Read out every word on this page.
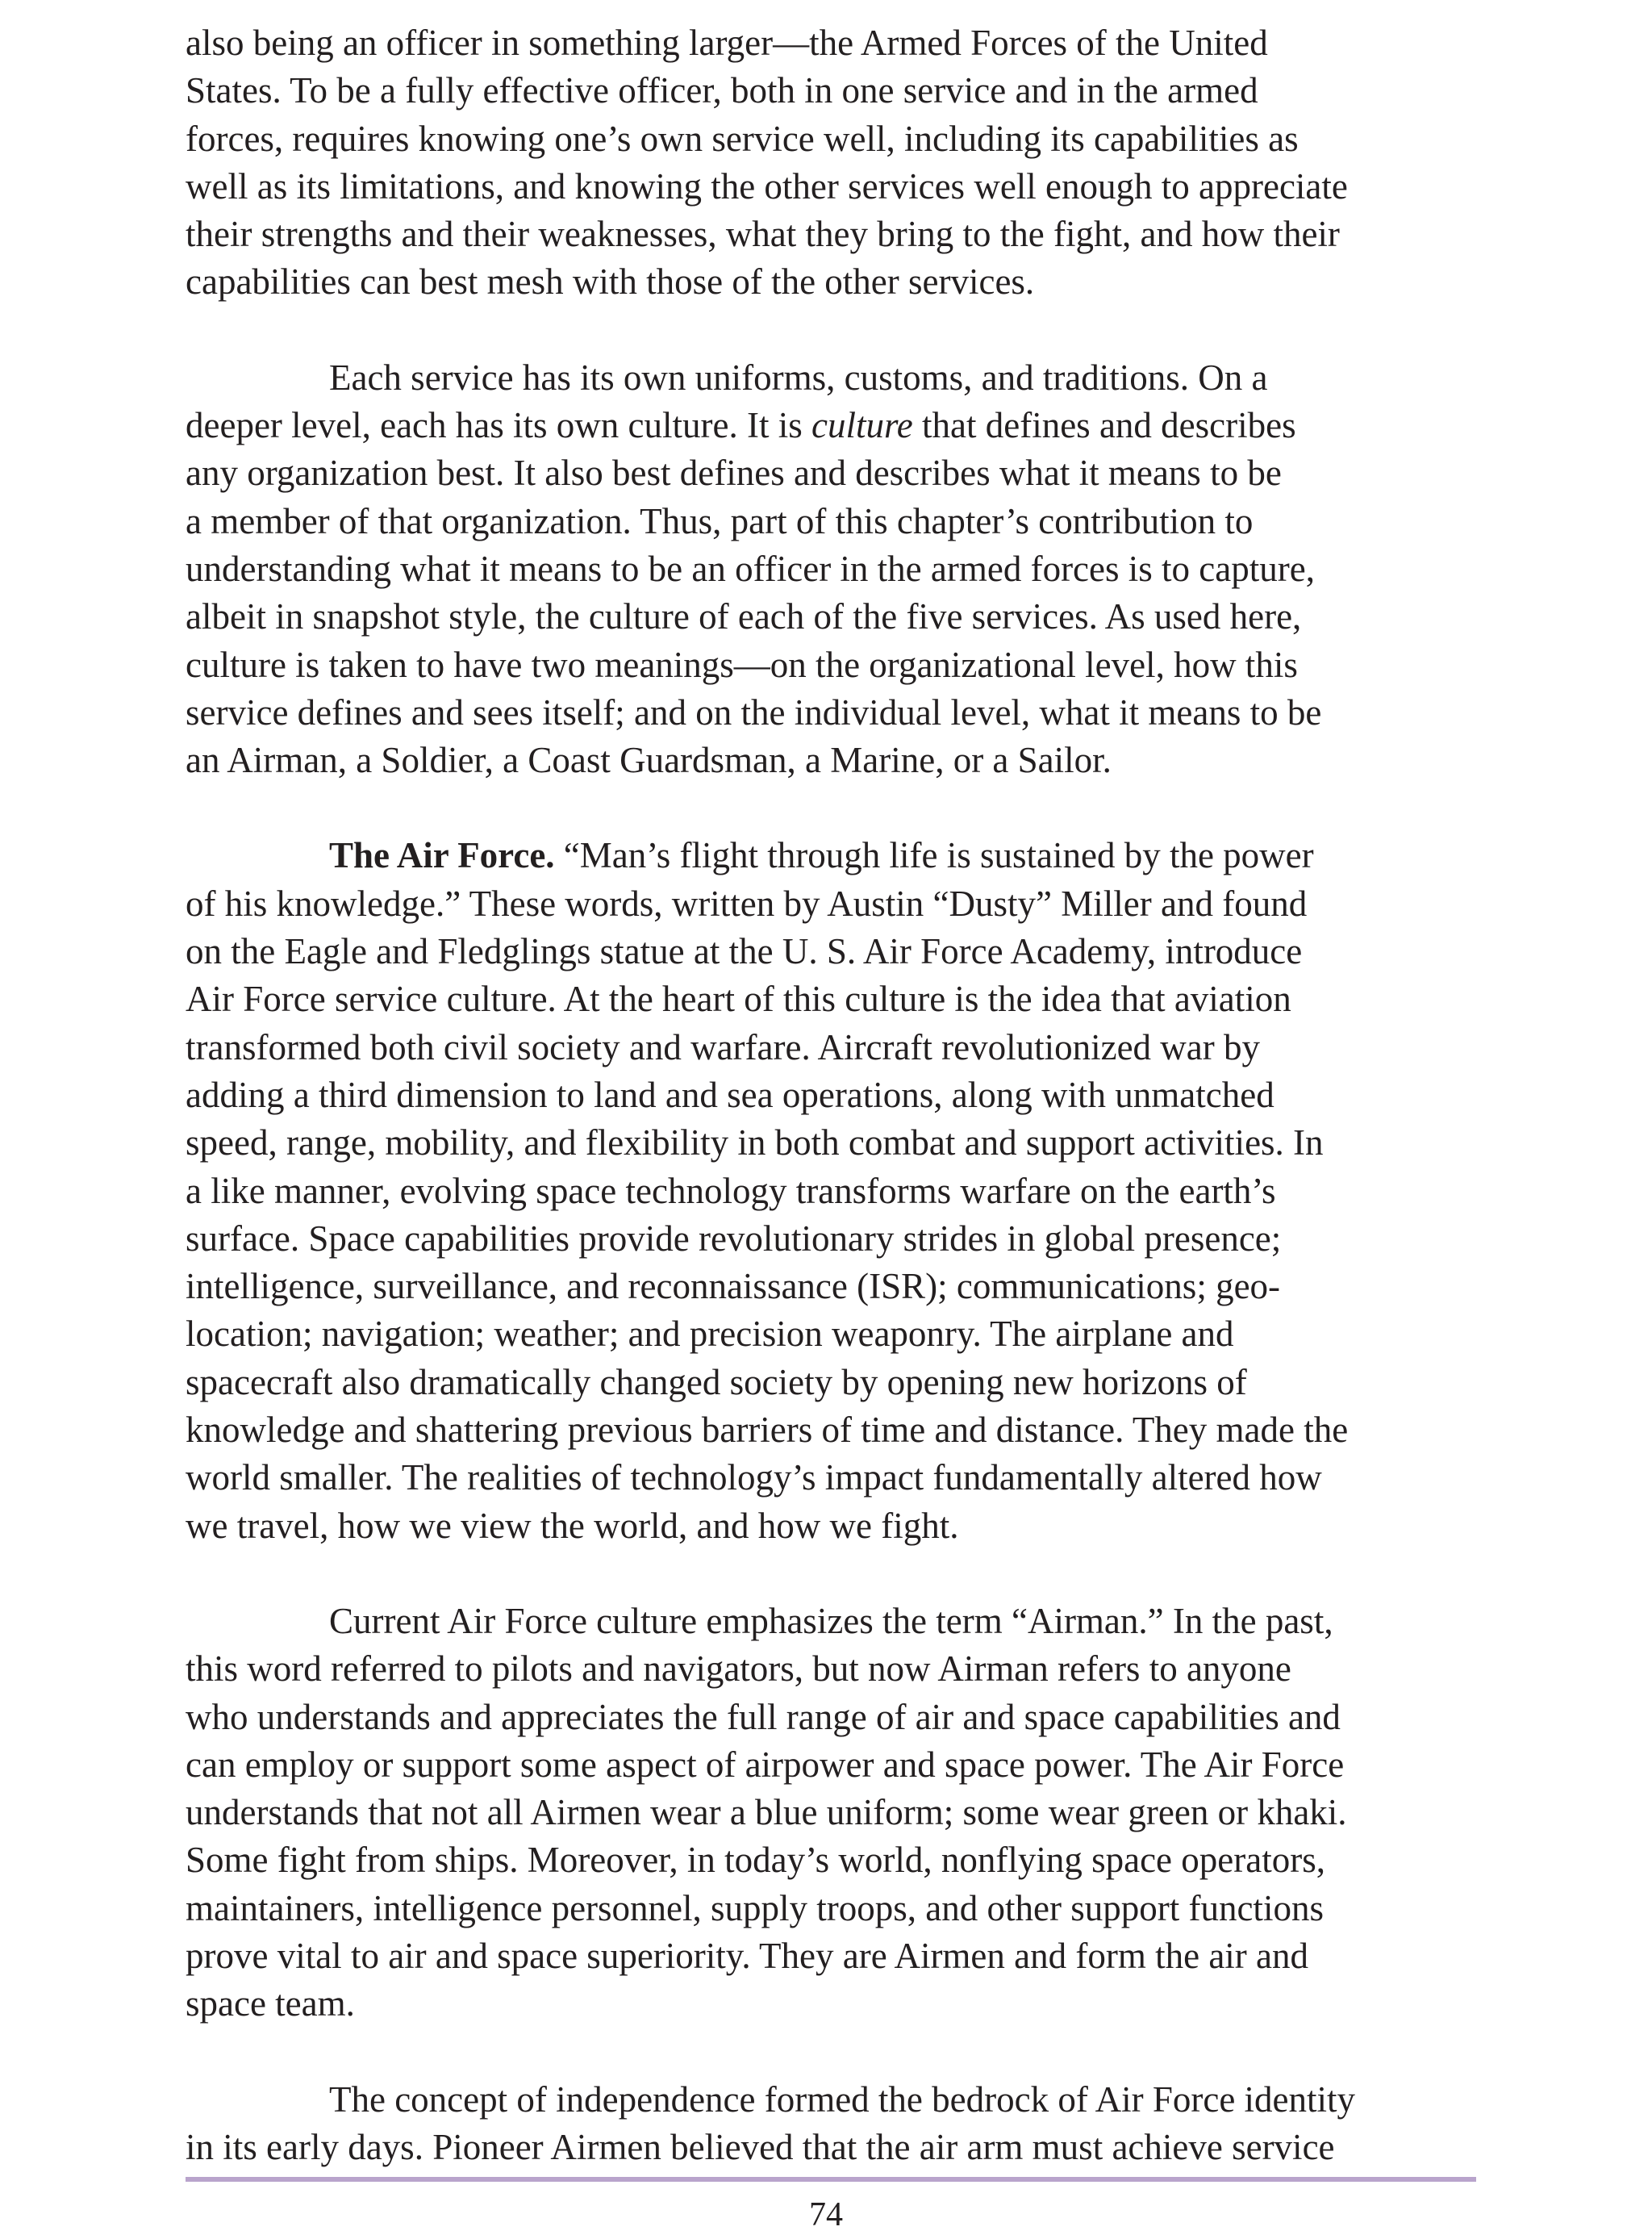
also being an officer in something larger—the Armed Forces of the United
States. To be a fully effective officer, both in one service and in the armed
forces, requires knowing one’s own service well, including its capabilities as
well as its limitations, and knowing the other services well enough to appreciate
their strengths and their weaknesses, what they bring to the fight, and how their
capabilities can best mesh with those of the other services.
Each service has its own uniforms, customs, and traditions. On a
deeper level, each has its own culture. It is culture that defines and describes
any organization best. It also best defines and describes what it means to be
a member of that organization. Thus, part of this chapter’s contribution to
understanding what it means to be an officer in the armed forces is to capture,
albeit in snapshot style, the culture of each of the five services. As used here,
culture is taken to have two meanings—on the organizational level, how this
service defines and sees itself; and on the individual level, what it means to be
an Airman, a Soldier, a Coast Guardsman, a Marine, or a Sailor.
The Air Force. “Man’s flight through life is sustained by the power
of his knowledge.” These words, written by Austin “Dusty” Miller and found
on the Eagle and Fledglings statue at the U. S. Air Force Academy, introduce
Air Force service culture. At the heart of this culture is the idea that aviation
transformed both civil society and warfare. Aircraft revolutionized war by
adding a third dimension to land and sea operations, along with unmatched
speed, range, mobility, and flexibility in both combat and support activities. In
a like manner, evolving space technology transforms warfare on the earth’s
surface. Space capabilities provide revolutionary strides in global presence;
intelligence, surveillance, and reconnaissance (ISR); communications; geo-
location; navigation; weather; and precision weaponry. The airplane and
spacecraft also dramatically changed society by opening new horizons of
knowledge and shattering previous barriers of time and distance. They made the
world smaller. The realities of technology’s impact fundamentally altered how
we travel, how we view the world, and how we fight.
Current Air Force culture emphasizes the term “Airman.” In the past,
this word referred to pilots and navigators, but now Airman refers to anyone
who understands and appreciates the full range of air and space capabilities and
can employ or support some aspect of airpower and space power. The Air Force
understands that not all Airmen wear a blue uniform; some wear green or khaki.
Some fight from ships. Moreover, in today’s world, nonflying space operators,
maintainers, intelligence personnel, supply troops, and other support functions
prove vital to air and space superiority. They are Airmen and form the air and
space team.
The concept of independence formed the bedrock of Air Force identity
in its early days. Pioneer Airmen believed that the air arm must achieve service
74
